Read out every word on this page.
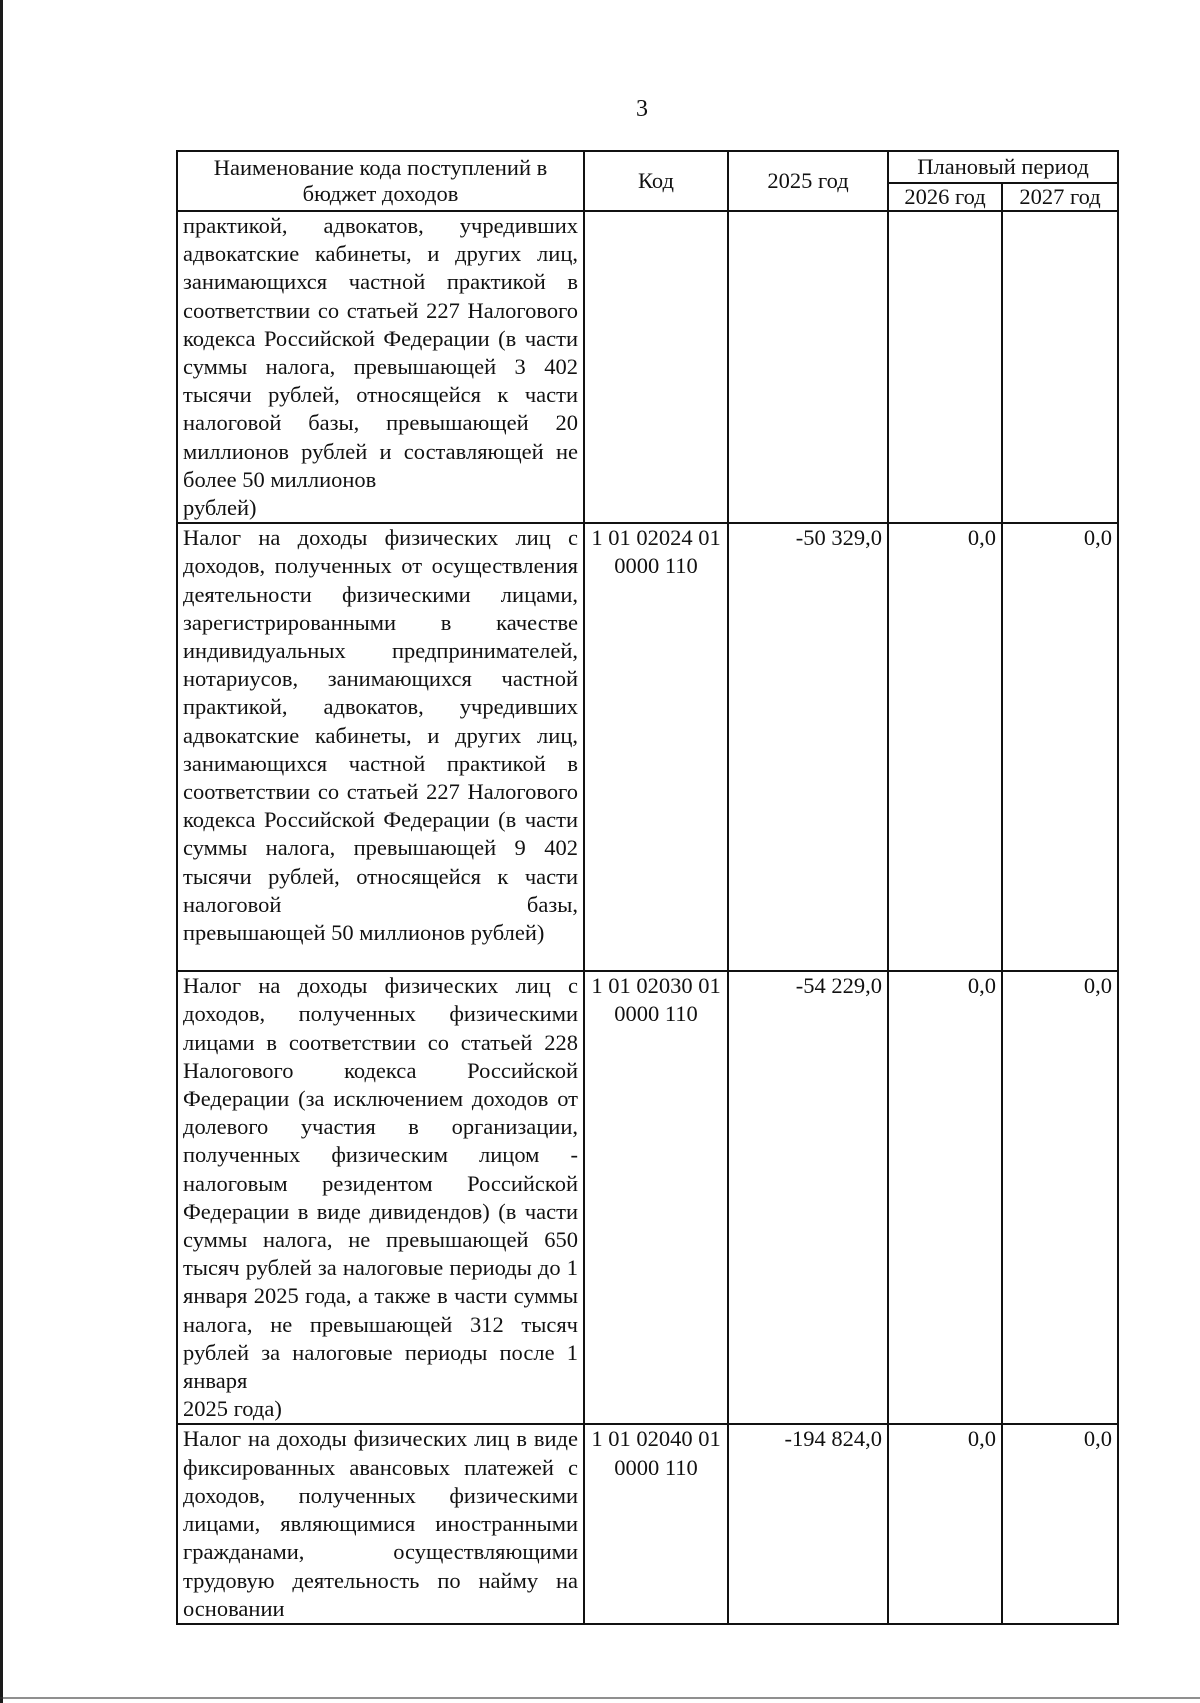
3
Наименование кода поступлений в бюджет доходов	Код	2025 год	Плановый период	
			2026 год	2027 год
практикой, адвокатов, учредивших адвокатские кабинеты, и других лиц, занимающихся частной практикой в соответствии со статьей 227 Налогового кодекса Российской Федерации (в части суммы налога, превышающей 3 402 тысячи рублей, относящейся к части налоговой базы, превышающей 20 миллионов рублей и составляющей не более 50 миллионов
рублей)				

Налог на доходы физических лиц с доходов, полученных от осуществления деятельности физическими лицами, зарегистрированными в качестве индивидуальных предпринимателей, нотариусов, занимающихся частной практикой, адвокатов, учредивших адвокатские кабинеты, и других лиц, занимающихся частной практикой в соответствии со статьей 227 Налогового кодекса Российской Федерации (в части суммы налога, превышающей 9 402 тысячи рублей, относящейся к части налоговой базы,
превышающей 50 миллионов рублей)	1 01 02024 01 0000 110	-50 329,0	0,0	0,0
Налог на доходы физических лиц с доходов, полученных физическими лицами в соответствии со статьей 228 Налогового кодекса Российской Федерации (за исключением доходов от долевого участия в организации, полученных физическим лицом - налоговым резидентом Российской Федерации в виде дивидендов) (в части суммы налога, не превышающей 650 тысяч рублей за налоговые периоды до 1 января 2025 года, а также в части суммы налога, не превышающей 312 тысяч рублей за налоговые периоды после 1 января
2025 года)	1 01 02030 01 0000 110	-54 229,0	0,0	0,0
Налог на доходы физических лиц в виде фиксированных авансовых платежей с доходов, полученных физическими лицами, являющимися иностранными гражданами, осуществляющими трудовую деятельность по найму на основании	1 01 02040 01 0000 110	-194 824,0	0,0	0,0
